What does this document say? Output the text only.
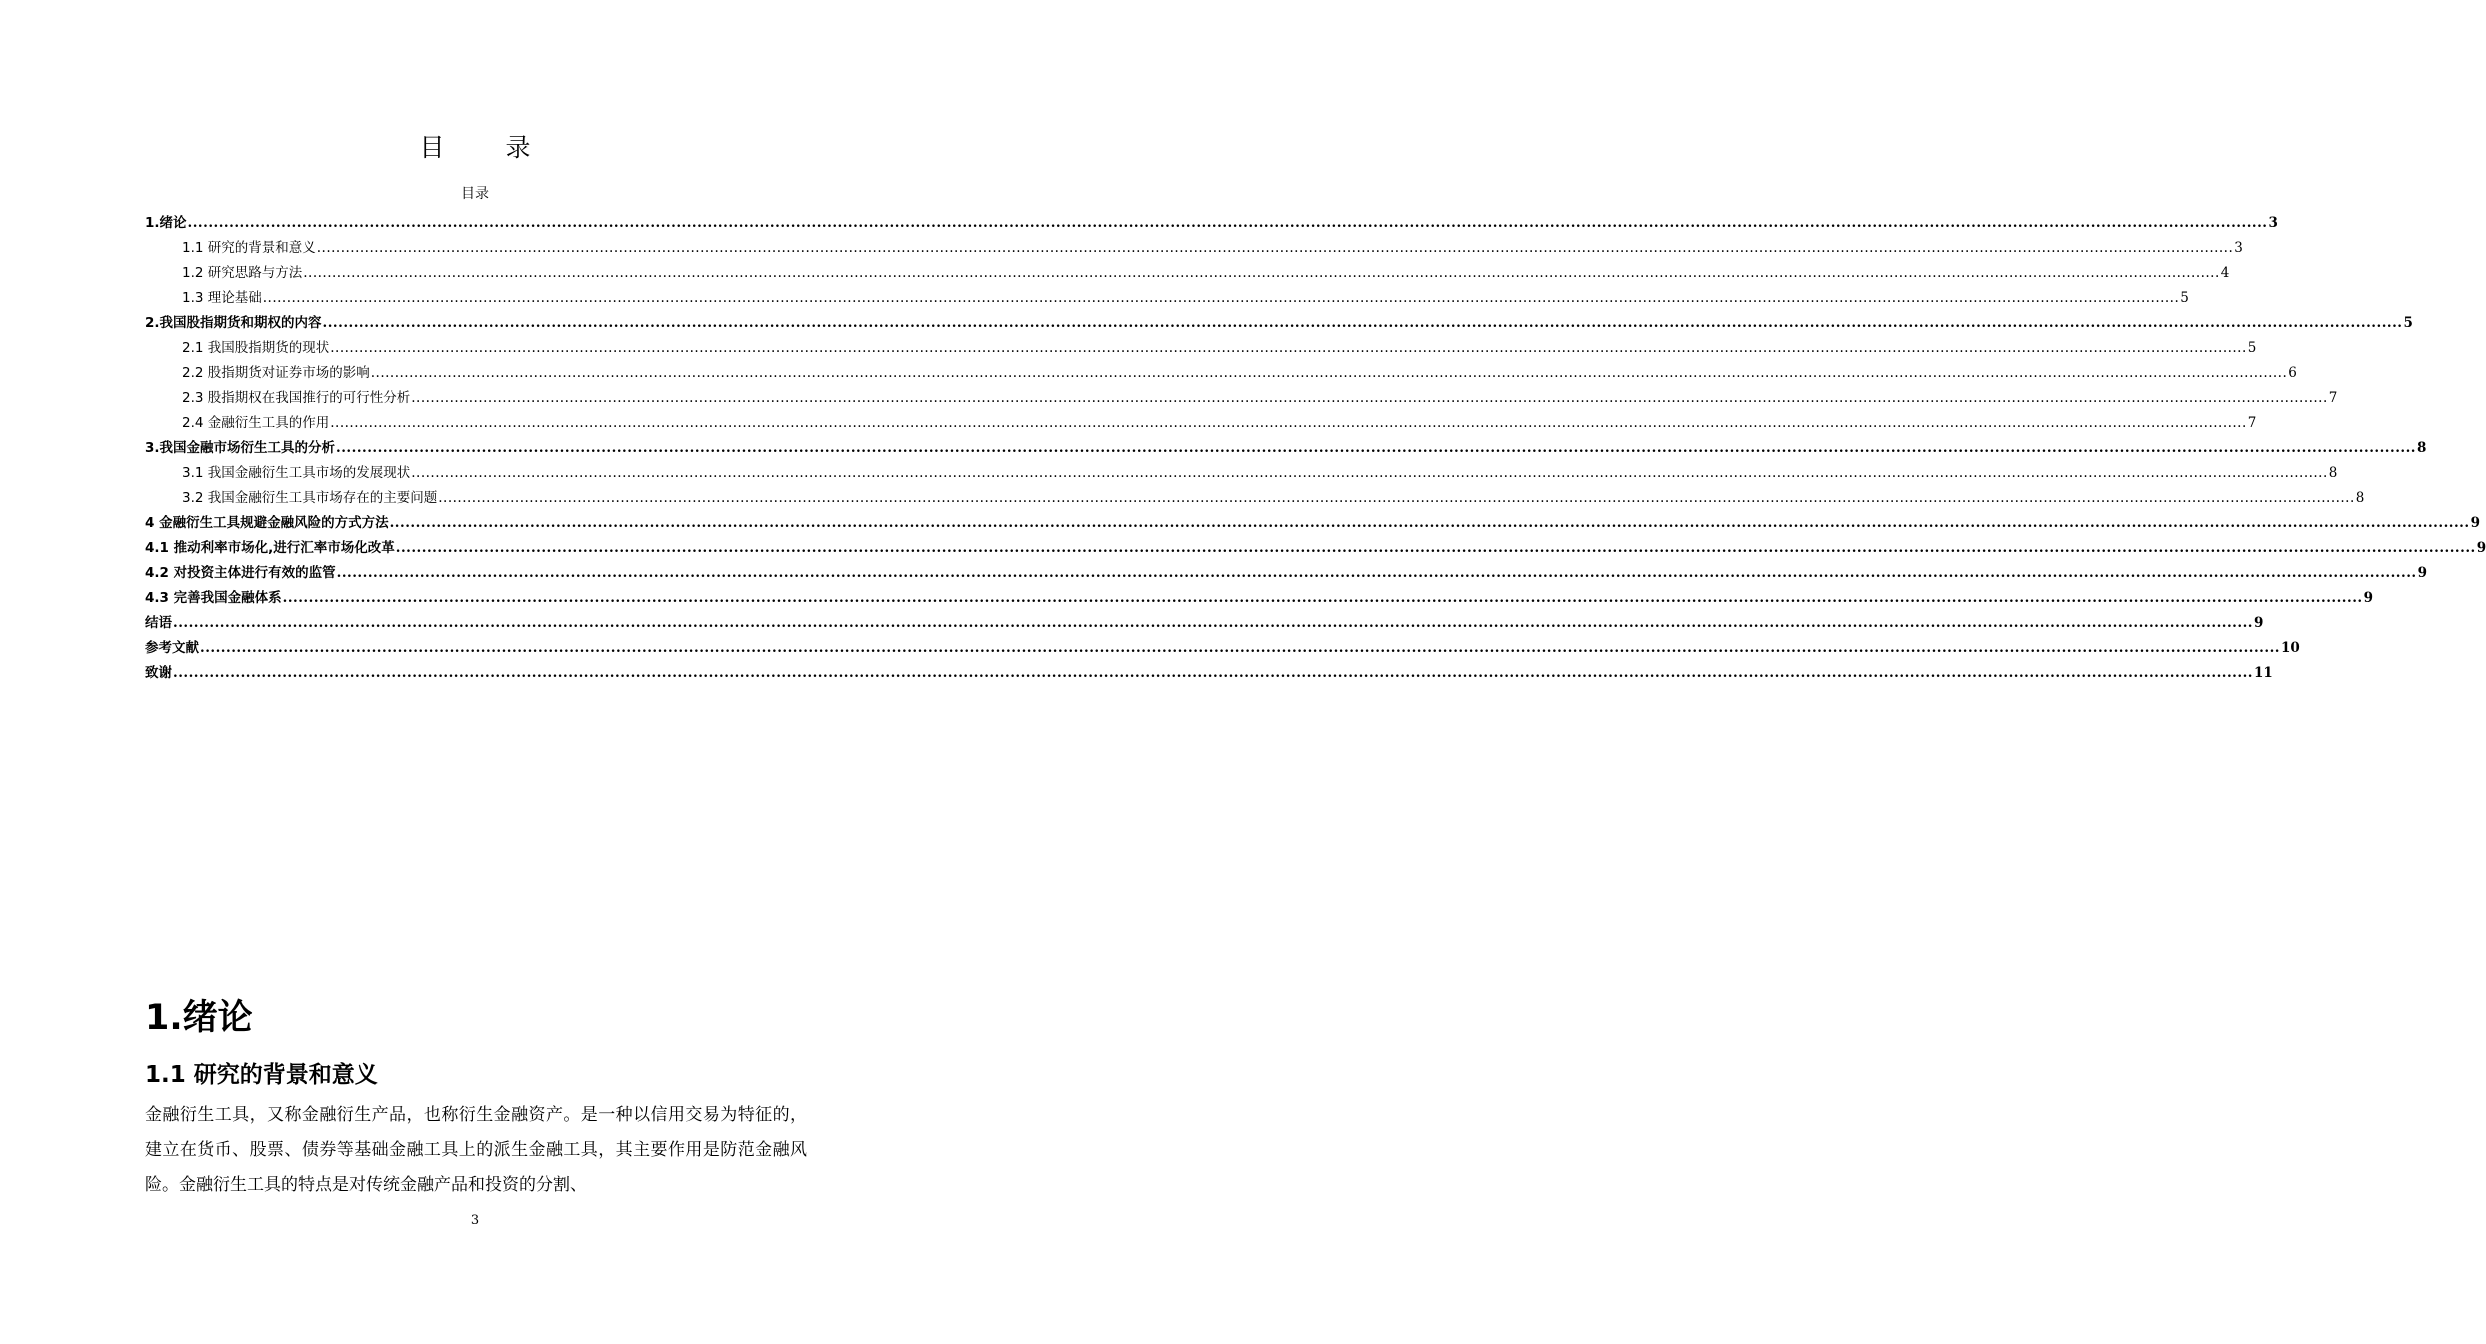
目　录
目录
1.绪论 ................................................................................................................................................................................................................................................................................................................................................................................................................ 3
1.1 研究的背景和意义 ................................................................................................................................................................................................................................................................................................................................................................................................................ 3
1.2 研究思路与方法 ................................................................................................................................................................................................................................................................................................................................................................................................................ 4
1.3 理论基础 ................................................................................................................................................................................................................................................................................................................................................................................................................ 5
2.我国股指期货和期权的内容 ................................................................................................................................................................................................................................................................................................................................................................................................................ 5
2.1 我国股指期货的现状 ................................................................................................................................................................................................................................................................................................................................................................................................................ 5
2.2 股指期货对证券市场的影响 ................................................................................................................................................................................................................................................................................................................................................................................................................ 6
2.3 股指期权在我国推行的可行性分析 ................................................................................................................................................................................................................................................................................................................................................................................................................ 7
2.4 金融衍生工具的作用 ................................................................................................................................................................................................................................................................................................................................................................................................................ 7
3.我国金融市场衍生工具的分析 ................................................................................................................................................................................................................................................................................................................................................................................................................ 8
3.1 我国金融衍生工具市场的发展现状 ................................................................................................................................................................................................................................................................................................................................................................................................................ 8
3.2 我国金融衍生工具市场存在的主要问题 ................................................................................................................................................................................................................................................................................................................................................................................................................ 8
4 金融衍生工具规避金融风险的方式方法 ................................................................................................................................................................................................................................................................................................................................................................................................................ 9
4.1 推动利率市场化,进行汇率市场化改革 ................................................................................................................................................................................................................................................................................................................................................................................................................ 9
4.2 对投资主体进行有效的监管 ................................................................................................................................................................................................................................................................................................................................................................................................................ 9
4.3 完善我国金融体系 ................................................................................................................................................................................................................................................................................................................................................................................................................ 9
结语 ................................................................................................................................................................................................................................................................................................................................................................................................................ 9
参考文献 ................................................................................................................................................................................................................................................................................................................................................................................................................ 10
致谢 ................................................................................................................................................................................................................................................................................................................................................................................................................ 11
1.绪论
1.1 研究的背景和意义

金融衍生工具，又称金融衍生产品，也称衍生金融资产。是一种以信用交易为特征的，建立在货币、股票、债券等基础金融工具上的派生金融工具，其主要作用是防范金融风险。金融衍生工具的特点是对传统金融产品和投资的分割、

3
